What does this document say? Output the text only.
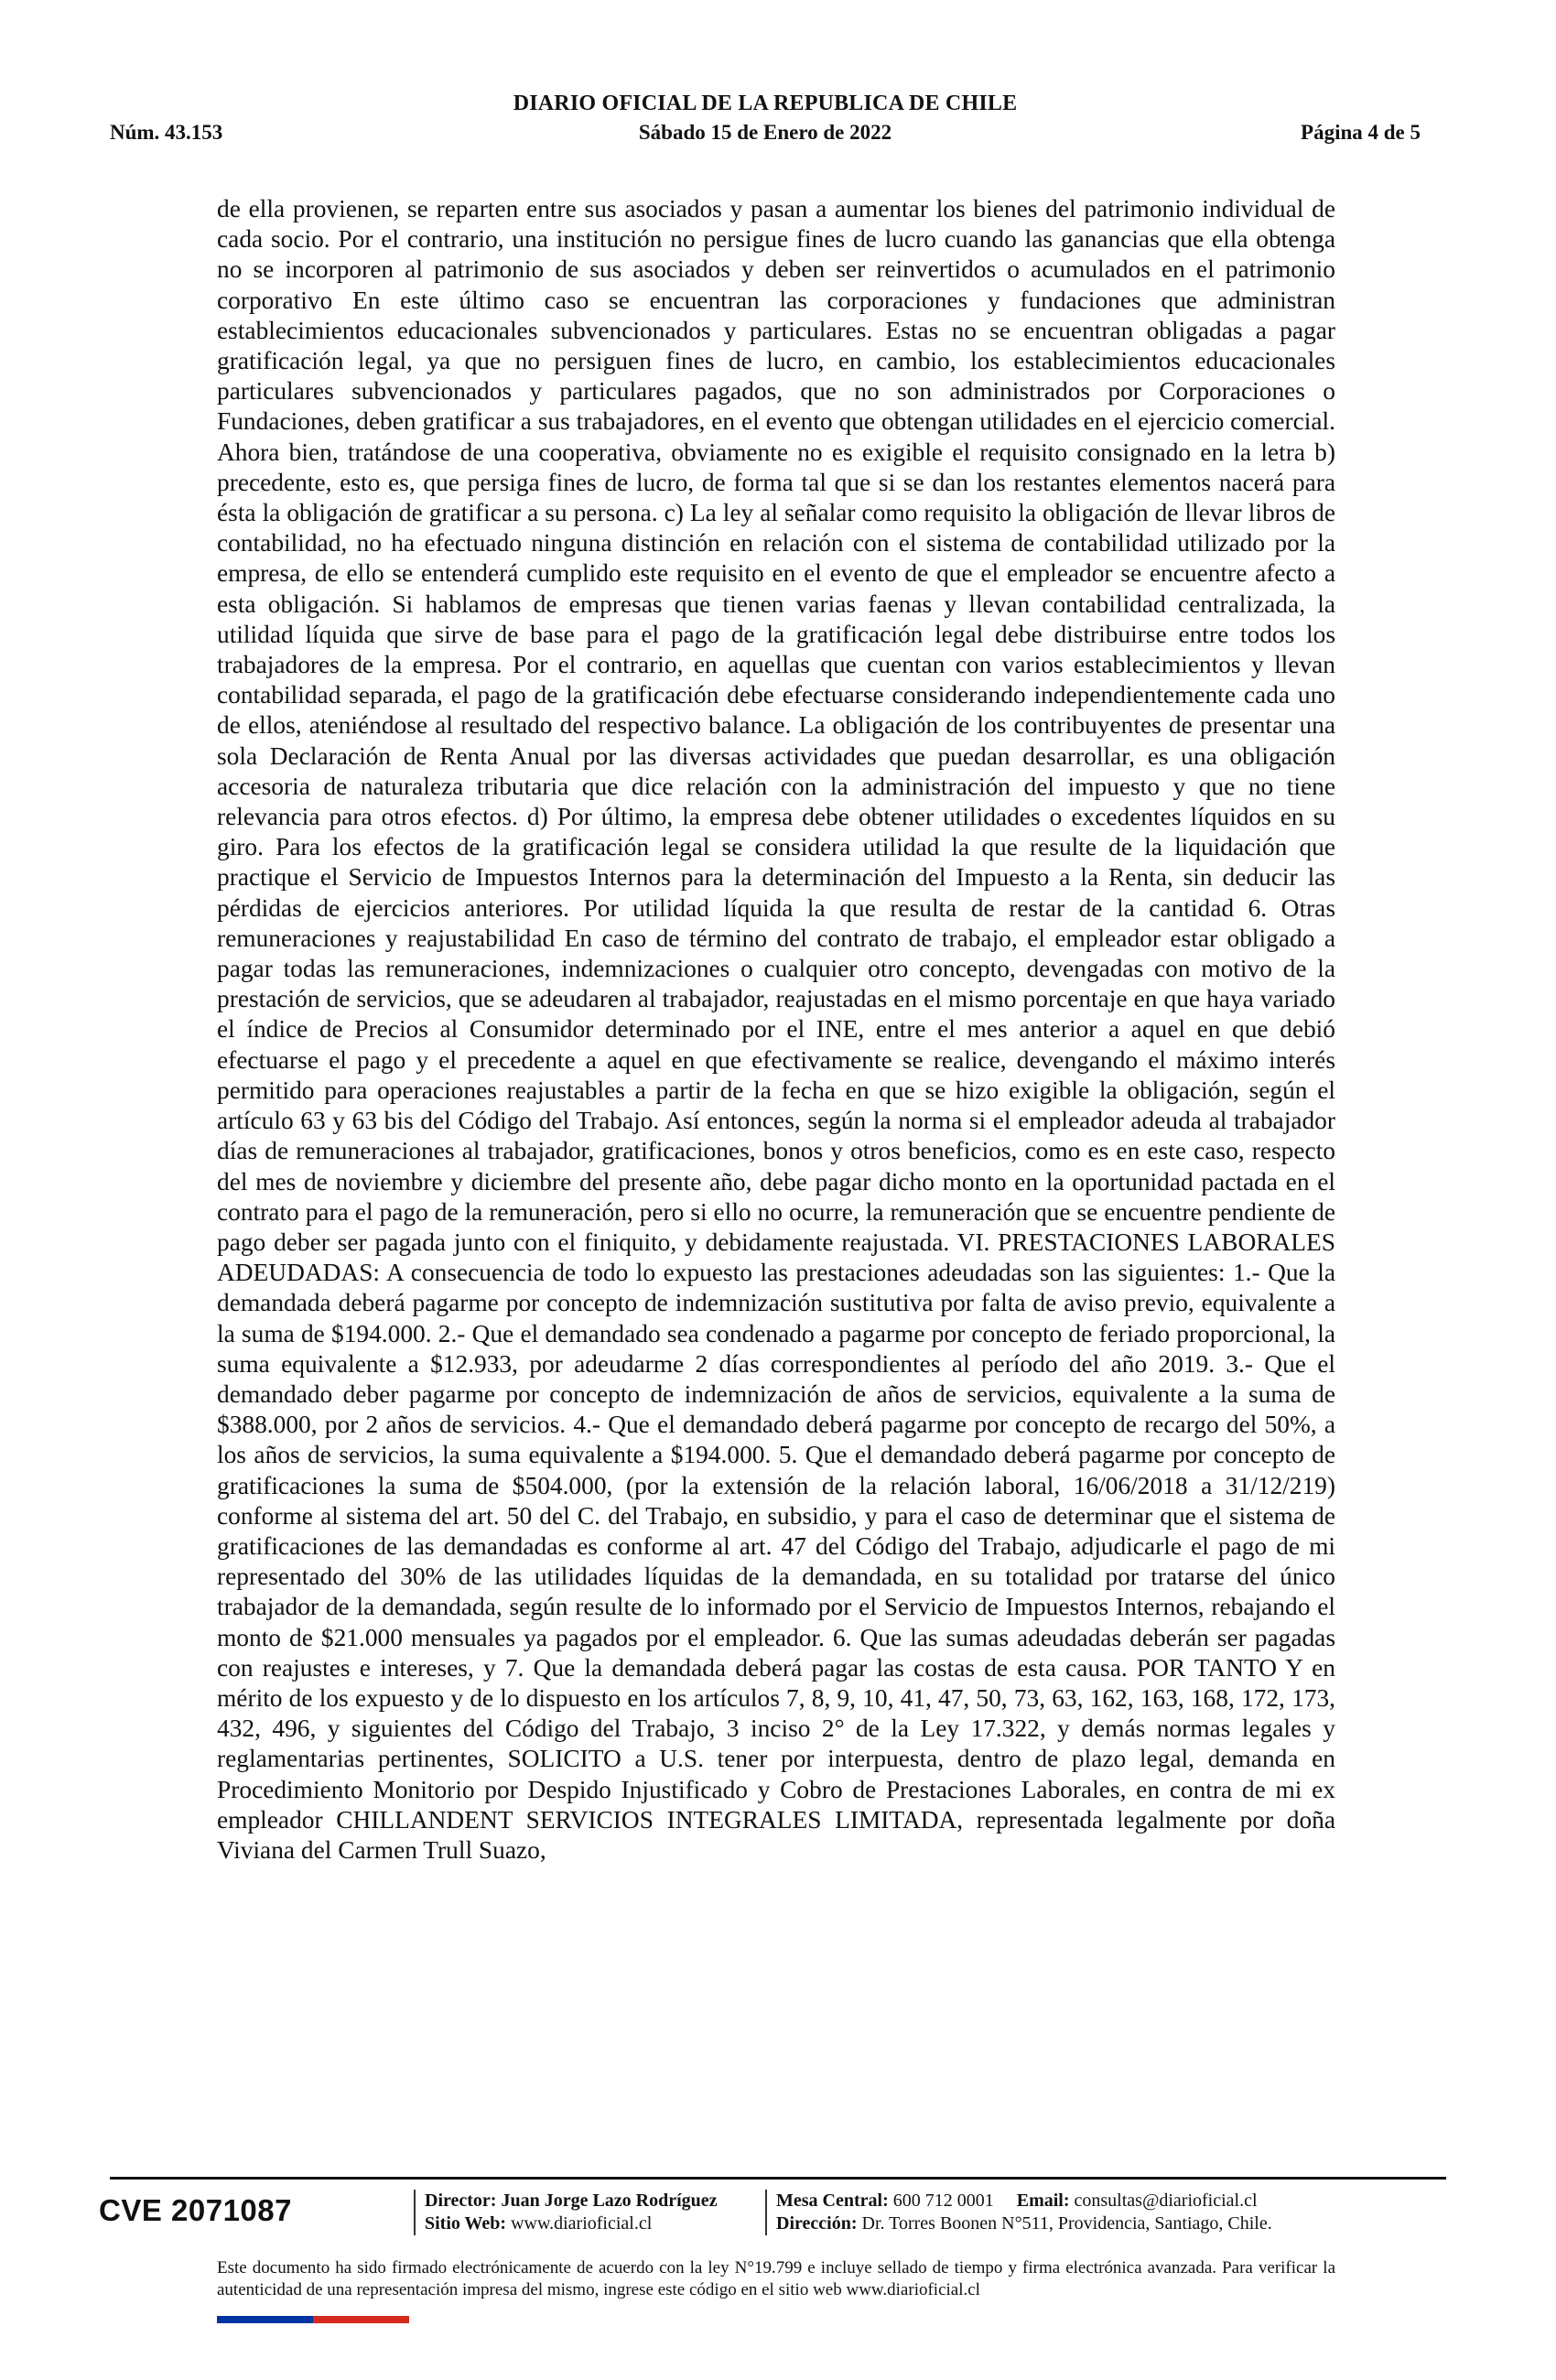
DIARIO OFICIAL DE LA REPUBLICA DE CHILE
Núm. 43.153	Sábado 15 de Enero de 2022	Página 4 de 5

de ella provienen, se reparten entre sus asociados y pasan a aumentar los bienes del patrimonio individual de cada socio. Por el contrario, una institución no persigue fines de lucro cuando las ganancias que ella obtenga no se incorporen al patrimonio de sus asociados y deben ser reinvertidos o acumulados en el patrimonio corporativo En este último caso se encuentran las corporaciones y fundaciones que administran establecimientos educacionales subvencionados y particulares. Estas no se encuentran obligadas a pagar gratificación legal, ya que no persiguen fines de lucro, en cambio, los establecimientos educacionales particulares subvencionados y particulares pagados, que no son administrados por Corporaciones o Fundaciones, deben gratificar a sus trabajadores, en el evento que obtengan utilidades en el ejercicio comercial. Ahora bien, tratándose de una cooperativa, obviamente no es exigible el requisito consignado en la letra b) precedente, esto es, que persiga fines de lucro, de forma tal que si se dan los restantes elementos nacerá para ésta la obligación de gratificar a su persona. c) La ley al señalar como requisito la obligación de llevar libros de contabilidad, no ha efectuado ninguna distinción en relación con el sistema de contabilidad utilizado por la empresa, de ello se entenderá cumplido este requisito en el evento de que el empleador se encuentre afecto a esta obligación. Si hablamos de empresas que tienen varias faenas y llevan contabilidad centralizada, la utilidad líquida que sirve de base para el pago de la gratificación legal debe distribuirse entre todos los trabajadores de la empresa. Por el contrario, en aquellas que cuentan con varios establecimientos y llevan contabilidad separada, el pago de la gratificación debe efectuarse considerando independientemente cada uno de ellos, ateniéndose al resultado del respectivo balance. La obligación de los contribuyentes de presentar una sola Declaración de Renta Anual por las diversas actividades que puedan desarrollar, es una obligación accesoria de naturaleza tributaria que dice relación con la administración del impuesto y que no tiene relevancia para otros efectos. d) Por último, la empresa debe obtener utilidades o excedentes líquidos en su giro. Para los efectos de la gratificación legal se considera utilidad la que resulte de la liquidación que practique el Servicio de Impuestos Internos para la determinación del Impuesto a la Renta, sin deducir las pérdidas de ejercicios anteriores. Por utilidad líquida la que resulta de restar de la cantidad 6. Otras remuneraciones y reajustabilidad En caso de término del contrato de trabajo, el empleador estar obligado a pagar todas las remuneraciones, indemnizaciones o cualquier otro concepto, devengadas con motivo de la prestación de servicios, que se adeudaren al trabajador, reajustadas en el mismo porcentaje en que haya variado el índice de Precios al Consumidor determinado por el INE, entre el mes anterior a aquel en que debió efectuarse el pago y el precedente a aquel en que efectivamente se realice, devengando el máximo interés permitido para operaciones reajustables a partir de la fecha en que se hizo exigible la obligación, según el artículo 63 y 63 bis del Código del Trabajo. Así entonces, según la norma si el empleador adeuda al trabajador días de remuneraciones al trabajador, gratificaciones, bonos y otros beneficios, como es en este caso, respecto del mes de noviembre y diciembre del presente año, debe pagar dicho monto en la oportunidad pactada en el contrato para el pago de la remuneración, pero si ello no ocurre, la remuneración que se encuentre pendiente de pago deber ser pagada junto con el finiquito, y debidamente reajustada. VI. PRESTACIONES LABORALES ADEUDADAS: A consecuencia de todo lo expuesto las prestaciones adeudadas son las siguientes: 1.- Que la demandada deberá pagarme por concepto de indemnización sustitutiva por falta de aviso previo, equivalente a la suma de $194.000. 2.- Que el demandado sea condenado a pagarme por concepto de feriado proporcional, la suma equivalente a $12.933, por adeudarme 2 días correspondientes al período del año 2019. 3.- Que el demandado deber pagarme por concepto de indemnización de años de servicios, equivalente a la suma de $388.000, por 2 años de servicios. 4.- Que el demandado deberá pagarme por concepto de recargo del 50%, a los años de servicios, la suma equivalente a $194.000. 5. Que el demandado deberá pagarme por concepto de gratificaciones la suma de $504.000, (por la extensión de la relación laboral, 16/06/2018 a 31/12/219) conforme al sistema del art. 50 del C. del Trabajo, en subsidio, y para el caso de determinar que el sistema de gratificaciones de las demandadas es conforme al art. 47 del Código del Trabajo, adjudicarle el pago de mi representado del 30% de las utilidades líquidas de la demandada, en su totalidad por tratarse del único trabajador de la demandada, según resulte de lo informado por el Servicio de Impuestos Internos, rebajando el monto de $21.000 mensuales ya pagados por el empleador. 6. Que las sumas adeudadas deberán ser pagadas con reajustes e intereses, y 7. Que la demandada deberá pagar las costas de esta causa. POR TANTO Y en mérito de los expuesto y de lo dispuesto en los artículos 7, 8, 9, 10, 41, 47, 50, 73, 63, 162, 163, 168, 172, 173, 432, 496, y siguientes del Código del Trabajo, 3 inciso 2° de la Ley 17.322, y demás normas legales y reglamentarias pertinentes, SOLICITO a U.S. tener por interpuesta, dentro de plazo legal, demanda en Procedimiento Monitorio por Despido Injustificado y Cobro de Prestaciones Laborales, en contra de mi ex empleador CHILLANDENT SERVICIOS INTEGRALES LIMITADA, representada legalmente por doña Viviana del Carmen Trull Suazo,

CVE 2071087	Director: Juan Jorge Lazo Rodríguez
Sitio Web: www.diarioficial.cl
Mesa Central: 600 712 0001 Email: consultas@diarioficial.cl
Dirección: Dr. Torres Boonen N°511, Providencia, Santiago, Chile.
Este documento ha sido firmado electrónicamente de acuerdo con la ley N°19.799 e incluye sellado de tiempo y firma electrónica avanzada. Para verificar la autenticidad de una representación impresa del mismo, ingrese este código en el sitio web www.diarioficial.cl
